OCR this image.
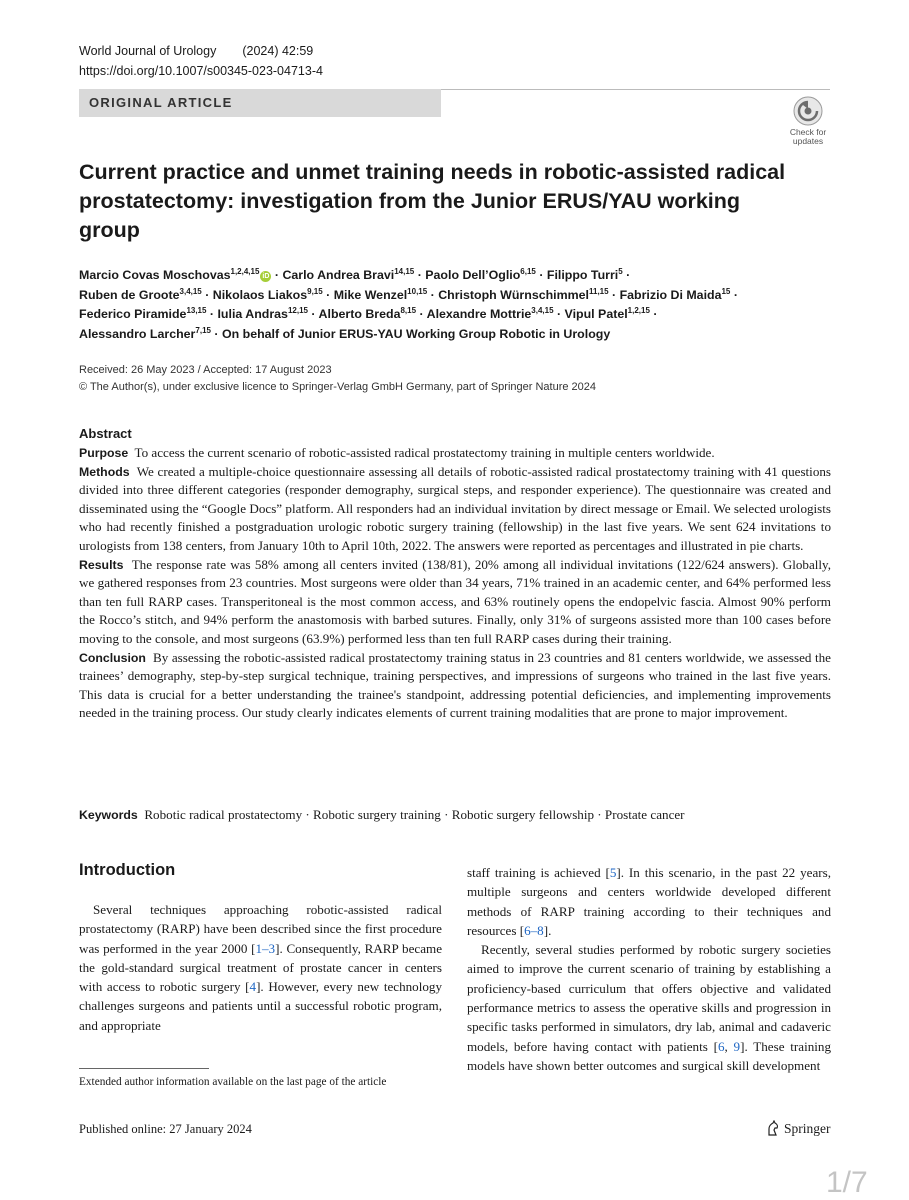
World Journal of Urology (2024) 42:59
https://doi.org/10.1007/s00345-023-04713-4
ORIGINAL ARTICLE
Check for
updates
Current practice and unmet training needs in robotic-assisted radical prostatectomy: investigation from the Junior ERUS/YAU working group
Marcio Covas Moschovas$^{1,2,4,15}$iD · Carlo Andrea Bravi$^{14,15}$ · Paolo Dell’Oglio$^{6,15}$ · Filippo Turri$^5$ ·
Ruben de Groote$^{3,4,15}$ · Nikolaos Liakos$^{9,15}$ · Mike Wenzel$^{10,15}$ · Christoph Würnschimmel$^{11,15}$ · Fabrizio Di Maida$^{15}$ ·
Federico Piramide$^{13,15}$ · Iulia Andras$^{12,15}$ · Alberto Breda$^{8,15}$ · Alexandre Mottrie$^{3,4,15}$ · Vipul Patel$^{1,2,15}$ ·
Alessandro Larcher$^{7,15}$ · On behalf of Junior ERUS-YAU Working Group Robotic in Urology
Received: 26 May 2023 / Accepted: 17 August 2023
© The Author(s), under exclusive licence to Springer-Verlag GmbH Germany, part of Springer Nature 2024
Abstract

Purpose To access the current scenario of robotic-assisted radical prostatectomy training in multiple centers worldwide.

Methods We created a multiple-choice questionnaire assessing all details of robotic-assisted radical prostatectomy training with 41 questions divided into three different categories (responder demography, surgical steps, and responder experience). The questionnaire was created and disseminated using the “Google Docs” platform. All responders had an individual invitation by direct message or Email. We selected urologists who had recently finished a postgraduation urologic robotic surgery training (fellowship) in the last five years. We sent 624 invitations to urologists from 138 centers, from January 10th to April 10th, 2022. The answers were reported as percentages and illustrated in pie charts.

Results The response rate was 58% among all centers invited (138/81), 20% among all individual invitations (122/624 answers). Globally, we gathered responses from 23 countries. Most surgeons were older than 34 years, 71% trained in an academic center, and 64% performed less than ten full RARP cases. Transperitoneal is the most common access, and 63% routinely opens the endopelvic fascia. Almost 90% perform the Rocco’s stitch, and 94% perform the anastomosis with barbed sutures. Finally, only 31% of surgeons assisted more than 100 cases before moving to the console, and most surgeons (63.9%) performed less than ten full RARP cases during their training.

Conclusion By assessing the robotic-assisted radical prostatectomy training status in 23 countries and 81 centers worldwide, we assessed the trainees’ demography, step-by-step surgical technique, training perspectives, and impressions of surgeons who trained in the last five years. This data is crucial for a better understanding the trainee's standpoint, addressing potential deficiencies, and implementing improvements needed in the training process. Our study clearly indicates elements of current training modalities that are prone to major improvement.

Keywords Robotic radical prostatectomy · Robotic surgery training · Robotic surgery fellowship · Prostate cancer
Introduction

Several techniques approaching robotic-assisted radical prostatectomy (RARP) have been described since the first procedure was performed in the year 2000 [1–3]. Consequently, RARP became the gold-standard surgical treatment of prostate cancer in centers with access to robotic surgery [4]. However, every new technology challenges surgeons and patients until a successful robotic program, and appropriate

staff training is achieved [5]. In this scenario, in the past 22 years, multiple surgeons and centers worldwide developed different methods of RARP training according to their techniques and resources [6–8].

Recently, several studies performed by robotic surgery societies aimed to improve the current scenario of training by establishing a proficiency-based curriculum that offers objective and validated performance metrics to assess the operative skills and progression in specific tasks performed in simulators, dry lab, animal and cadaveric models, before having contact with patients [6, 9]. These training models have shown better outcomes and surgical skill development

Extended author information available on the last page of the article
Published online: 27 January 2024	Springer
1/7
